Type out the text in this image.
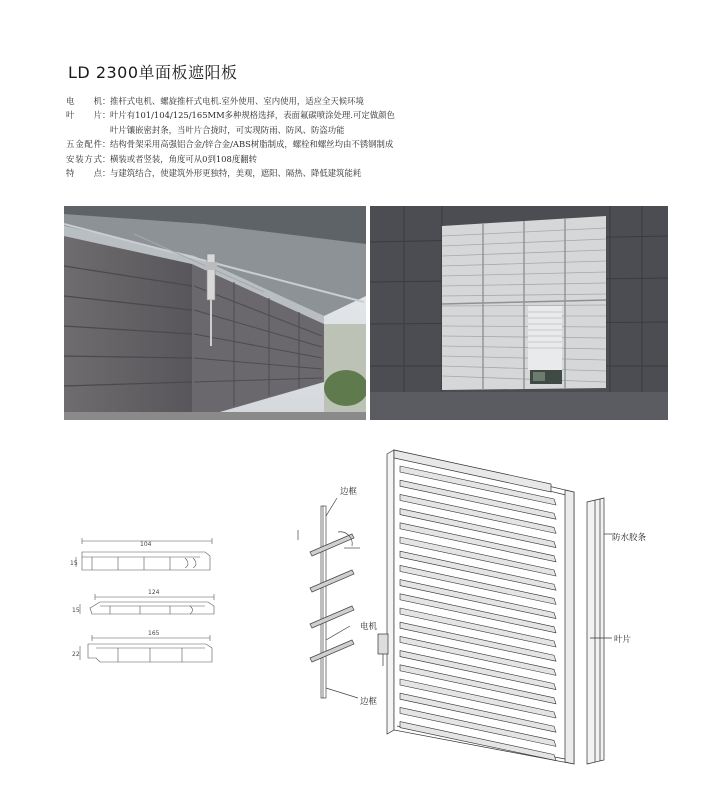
LD 2300单面板遮阳板
电 机： 推杆式电机、螺旋推杆式电机.室外使用、室内使用，适应全天候环境
叶 片： 叶片有101/104/125/165MM多种规格选择，表面氟碳喷涂处理.可定做颜色
叶片镶嵌密封条，当叶片合拢时，可实现防雨、防风、防盗功能
五金配件： 结构骨架采用高强铝合金/锌合金/ABS树脂制成，螺栓和螺丝均由不锈钢制成
安装方式： 横装或者竖装，角度可从0到108度翻转
特 点： 与建筑结合，使建筑外形更独特，美观，遮阳、隔热、降低建筑能耗
104
15
124
15
165
22
边框
电机
边框
防水胶条
叶片
